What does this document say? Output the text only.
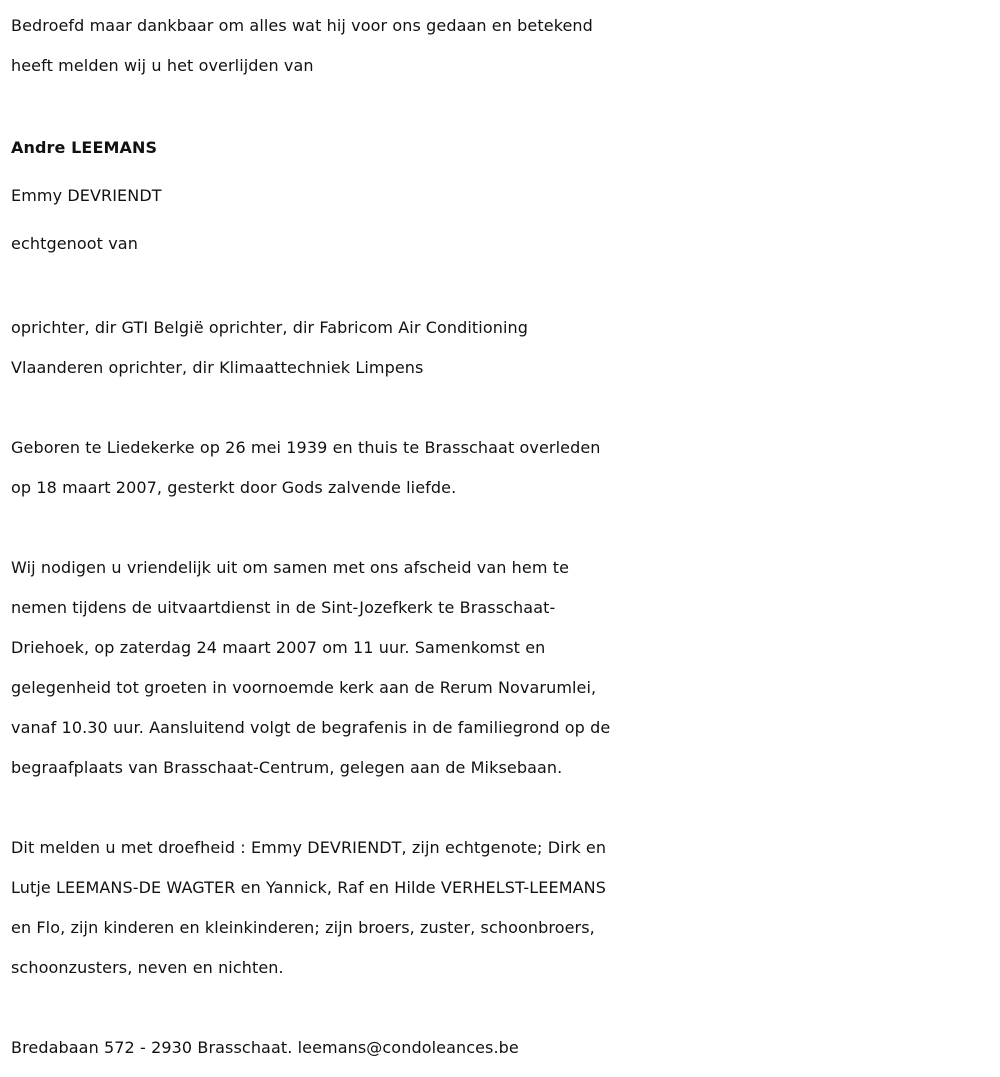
Bedroefd maar dankbaar om alles wat hij voor ons gedaan en betekend

heeft melden wij u het overlijden van

Andre LEEMANS

Emmy DEVRIENDT

echtgenoot van

oprichter, dir GTI België oprichter, dir Fabricom Air Conditioning

Vlaanderen oprichter, dir Klimaattechniek Limpens

Geboren te Liedekerke op 26 mei 1939 en thuis te Brasschaat overleden

op 18 maart 2007, gesterkt door Gods zalvende liefde.

Wij nodigen u vriendelijk uit om samen met ons afscheid van hem te

nemen tijdens de uitvaartdienst in de Sint-Jozefkerk te Brasschaat-

Driehoek, op zaterdag 24 maart 2007 om 11 uur. Samenkomst en

gelegenheid tot groeten in voornoemde kerk aan de Rerum Novarumlei,

vanaf 10.30 uur. Aansluitend volgt de begrafenis in de familiegrond op de

begraafplaats van Brasschaat-Centrum, gelegen aan de Miksebaan.

Dit melden u met droefheid : Emmy DEVRIENDT, zijn echtgenote; Dirk en

Lutje LEEMANS-DE WAGTER en Yannick, Raf en Hilde VERHELST-LEEMANS

en Flo, zijn kinderen en kleinkinderen; zijn broers, zuster, schoonbroers,

schoonzusters, neven en nichten.

Bredabaan 572 - 2930 Brasschaat. leemans@condoleances.be
